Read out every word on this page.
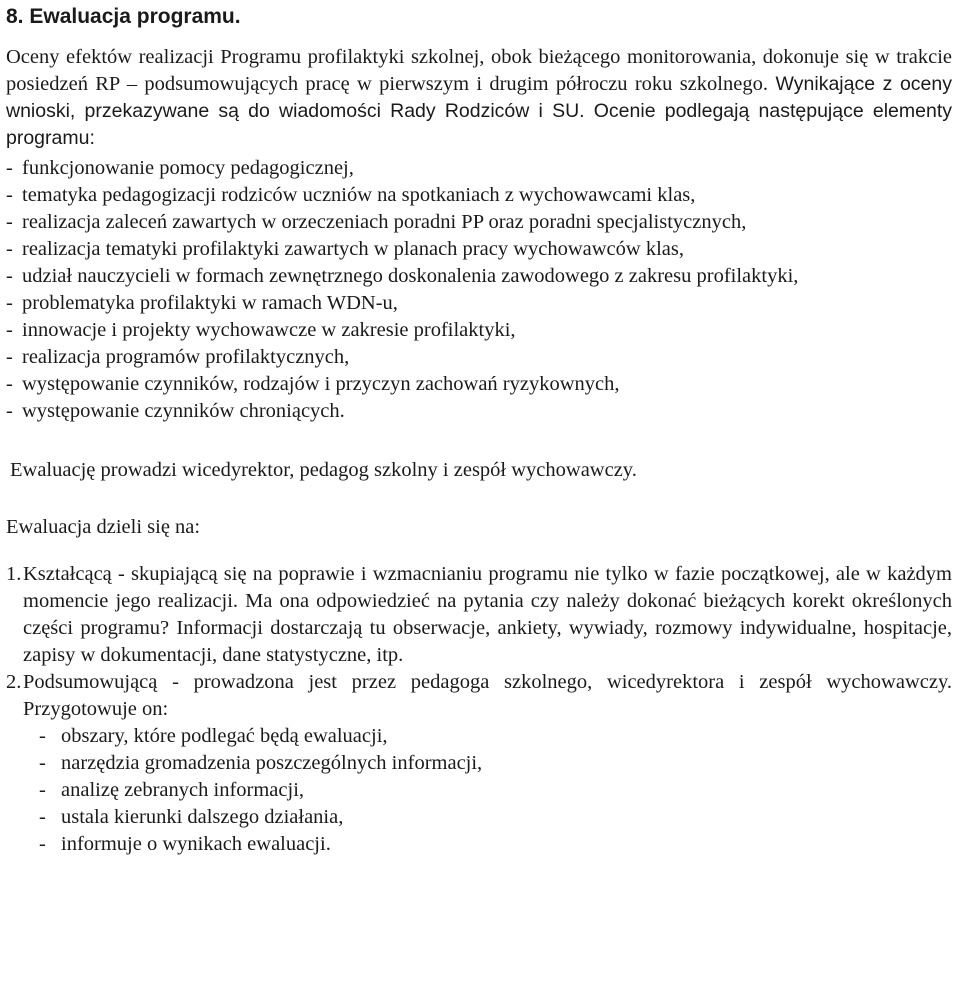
8. Ewaluacja programu.

Oceny efektów realizacji Programu profilaktyki szkolnej, obok bieżącego monitorowania, dokonuje się w trakcie posiedzeń RP – podsumowujących pracę w pierwszym i drugim półroczu roku szkolnego. Wynikające z oceny wnioski, przekazywane są do wiadomości Rady Rodziców i SU. Ocenie podlegają następujące elementy programu:

- funkcjonowanie pomocy pedagogicznej,
- tematyka pedagogizacji rodziców uczniów na spotkaniach z wychowawcami klas,
- realizacja zaleceń zawartych w orzeczeniach poradni PP oraz poradni specjalistycznych,
- realizacja tematyki profilaktyki zawartych w planach pracy wychowawców klas,
- udział nauczycieli w formach zewnętrznego doskonalenia zawodowego z zakresu profilaktyki,
- problematyka profilaktyki w ramach WDN-u,
- innowacje i projekty wychowawcze w zakresie profilaktyki,
- realizacja programów profilaktycznych,
- występowanie czynników, rodzajów i przyczyn zachowań ryzykownych,
- występowanie czynników chroniących.

Ewaluację prowadzi wicedyrektor, pedagog szkolny i zespół wychowawczy.

Ewaluacja dzieli się na:

1. Kształcącą - skupiającą się na poprawie i wzmacnianiu programu nie tylko w fazie początkowej, ale w każdym momencie jego realizacji. Ma ona odpowiedzieć na pytania czy należy dokonać bieżących korekt określonych części programu? Informacji dostarczają tu obserwacje, ankiety, wywiady, rozmowy indywidualne, hospitacje, zapisy w dokumentacji, dane statystyczne, itp.
2. Podsumowującą - prowadzona jest przez pedagoga szkolnego, wicedyrektora i zespół wychowawczy. Przygotowuje on:
- obszary, które podlegać będą ewaluacji,
- narzędzia gromadzenia poszczególnych informacji,
- analizę zebranych informacji,
- ustala kierunki dalszego działania,
- informuje o wynikach ewaluacji.
